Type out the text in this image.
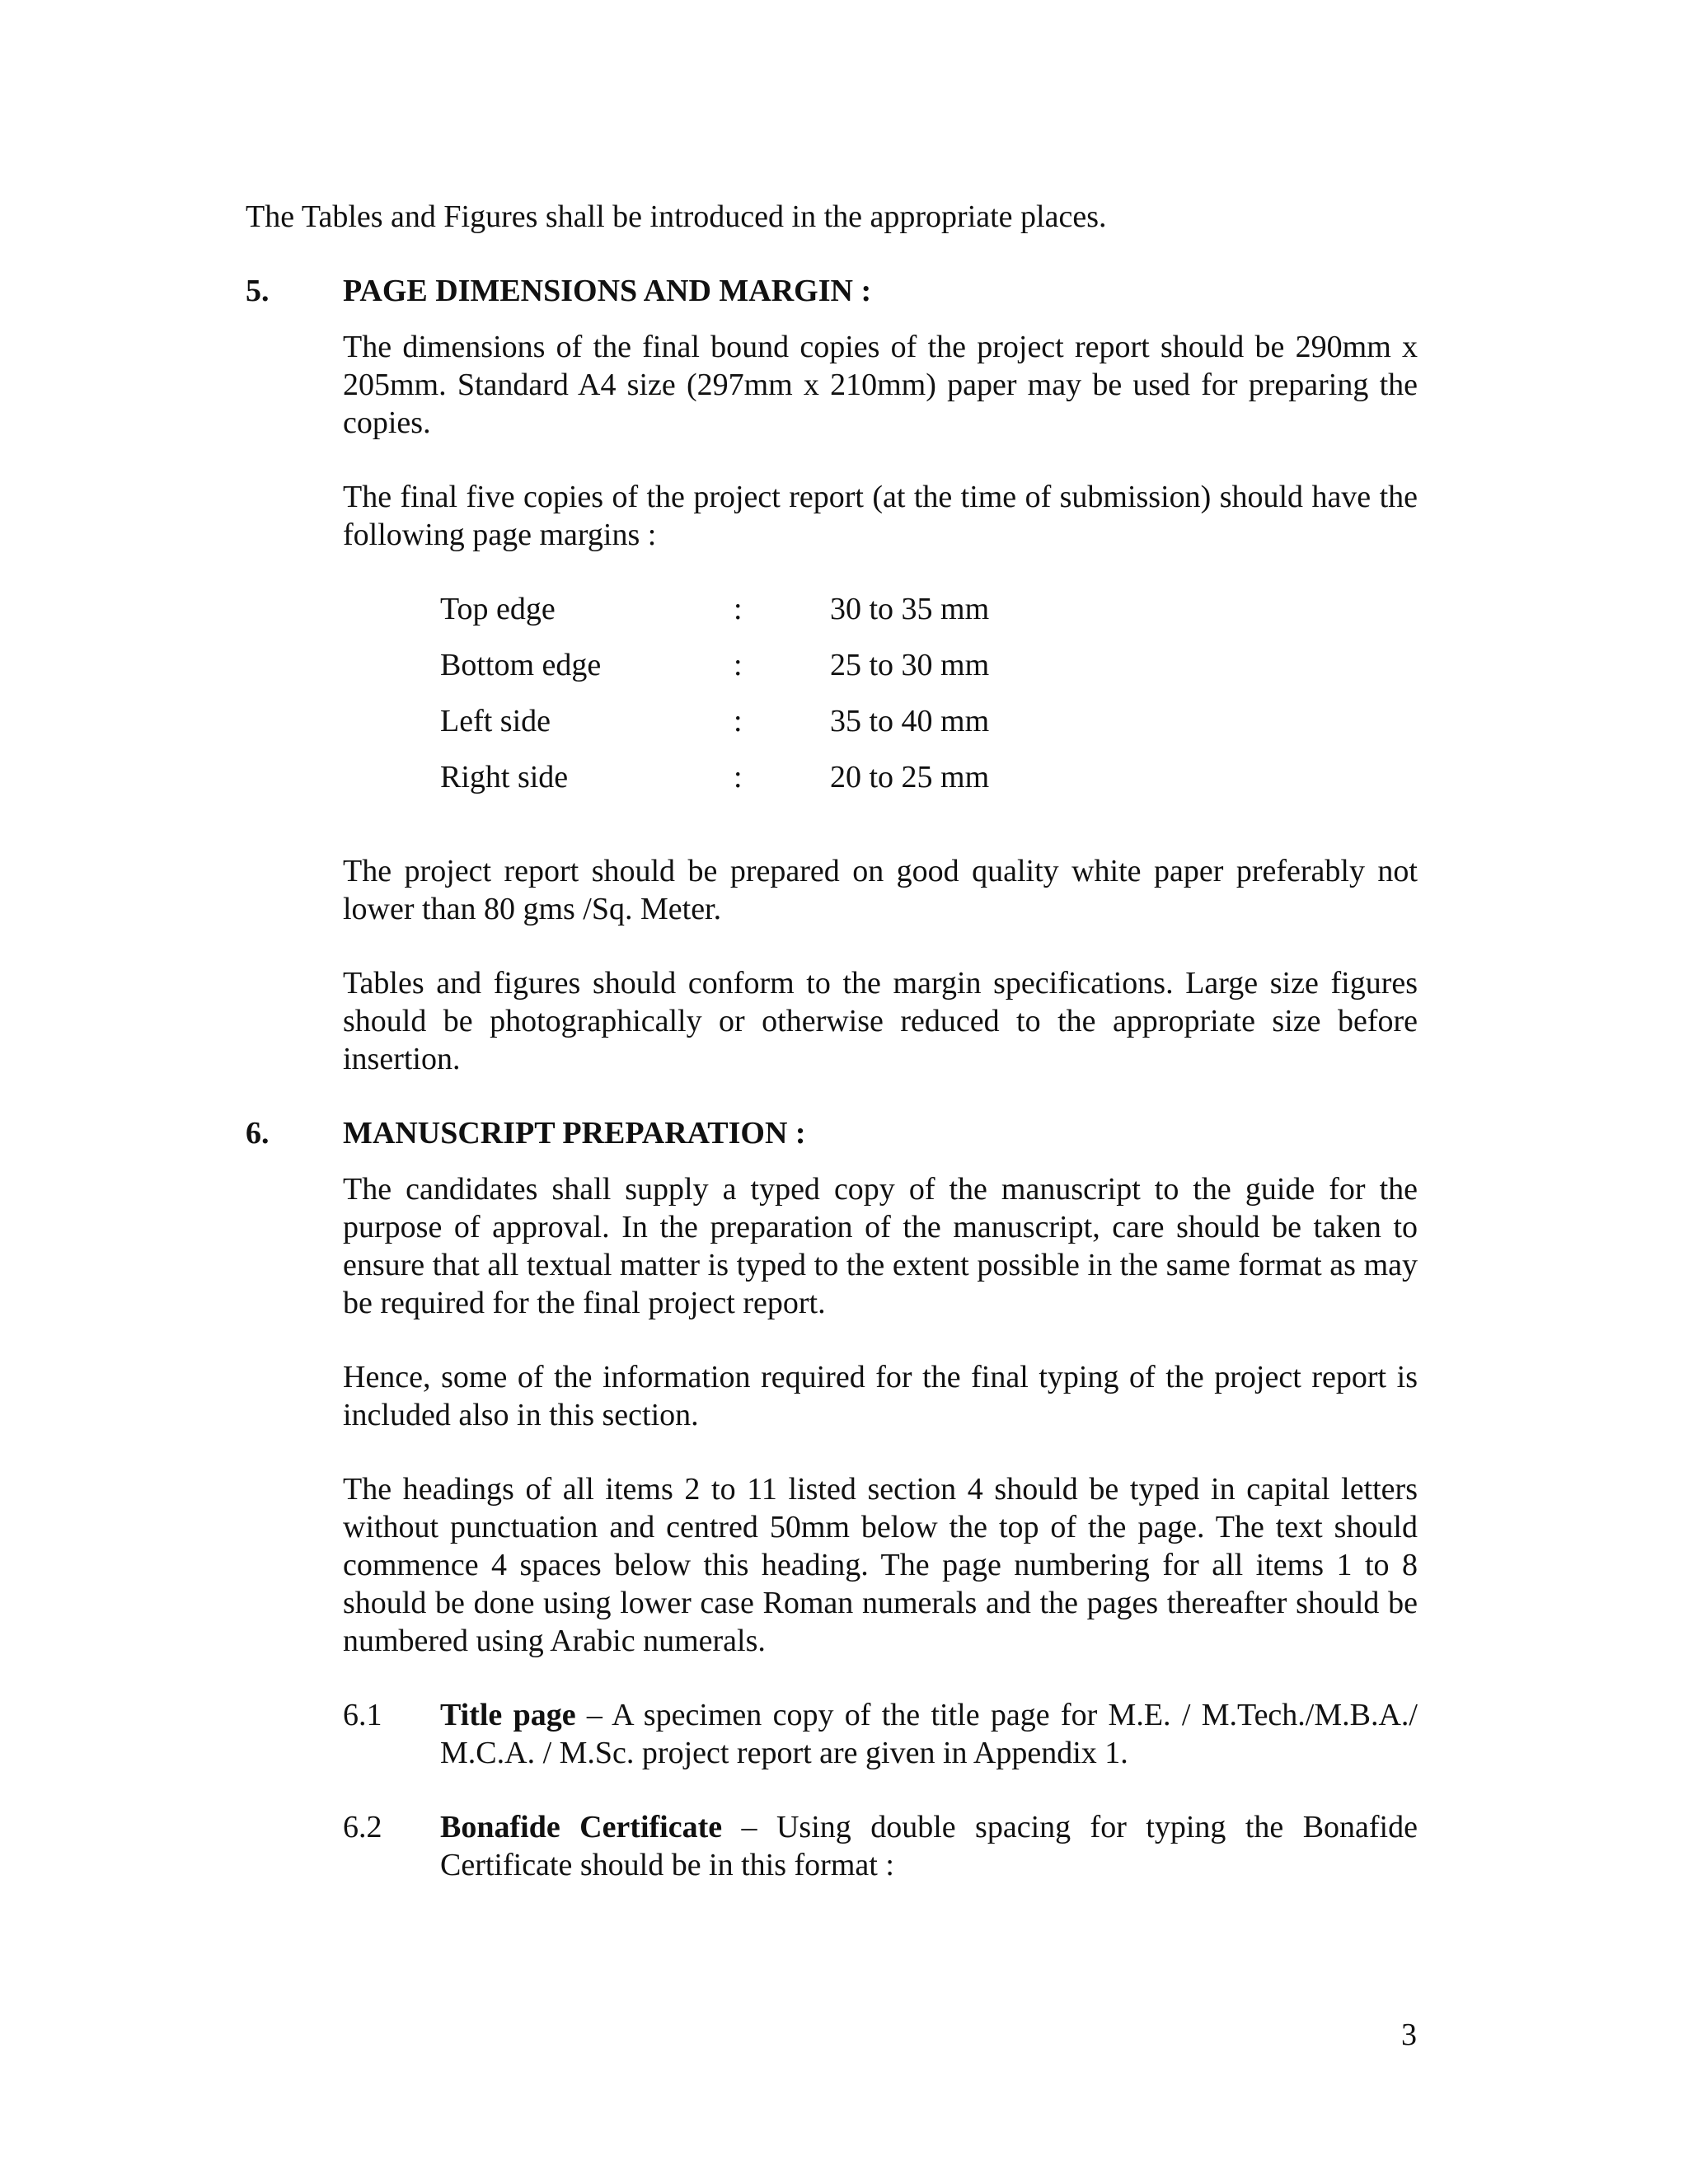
The Tables and Figures shall be introduced in the appropriate places.
5. PAGE DIMENSIONS AND MARGIN :
The dimensions of the final bound copies of the project report should be 290mm x 205mm. Standard A4 size (297mm x 210mm) paper may be used for preparing the copies.
The final five copies of the project report (at the time of submission) should have the following page margins :
Top edge	:	30 to 35 mm
Bottom edge	:	25 to 30 mm
Left side	:	35 to 40 mm
Right side	:	20 to 25 mm
The project report should be prepared on good quality white paper preferably not lower than 80 gms /Sq. Meter.
Tables and figures should conform to the margin specifications. Large size figures should be photographically or otherwise reduced to the appropriate size before insertion.
6. MANUSCRIPT PREPARATION :
The candidates shall supply a typed copy of the manuscript to the guide for the purpose of approval. In the preparation of the manuscript, care should be taken to ensure that all textual matter is typed to the extent possible in the same format as may be required for the final project report.
Hence, some of the information required for the final typing of the project report is included also in this section.
The headings of all items 2 to 11 listed section 4 should be typed in capital letters without punctuation and centred 50mm below the top of the page. The text should commence 4 spaces below this heading. The page numbering for all items 1 to 8 should be done using lower case Roman numerals and the pages thereafter should be numbered using Arabic numerals.
6.1 Title page – A specimen copy of the title page for M.E. / M.Tech./M.B.A./ M.C.A. / M.Sc. project report are given in Appendix 1.
6.2 Bonafide Certificate – Using double spacing for typing the Bonafide Certificate should be in this format :
3
